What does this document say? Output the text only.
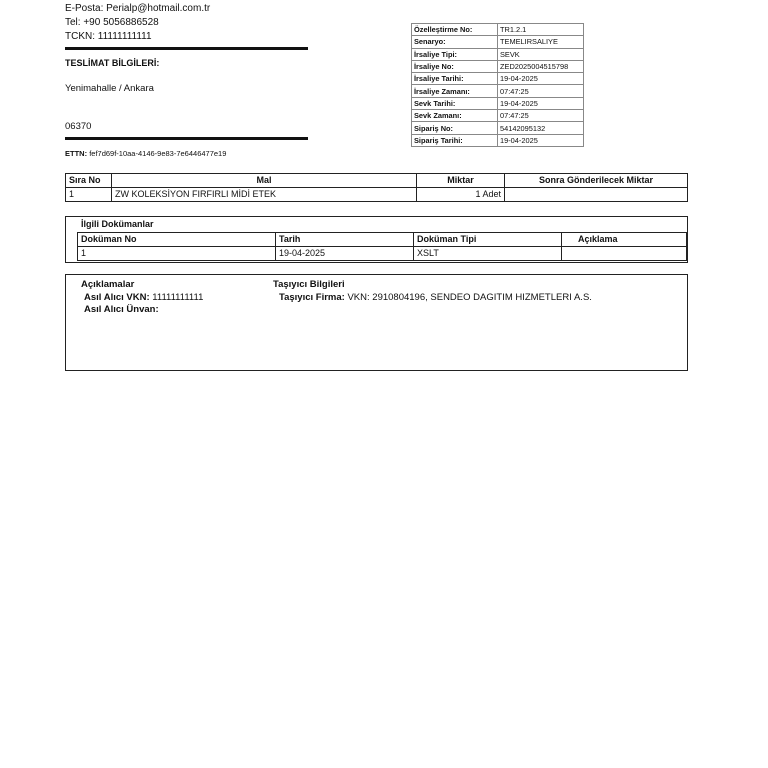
E-Posta: Perialp@hotmail.com.tr
Tel: +90 5056886528
TCKN: 11111111111
TESLİMAT BİLGİLERİ:
Yenimahalle / Ankara
06370
ETTN: fef7d69f-10aa-4146-9e83-7e6446477e19
Özelleştirme No:	TR1.2.1
Senaryo:	TEMELIRSALIYE
İrsaliye Tipi:	SEVK
İrsaliye No:	ZED2025004515798
İrsaliye Tarihi:	19-04-2025
İrsaliye Zamanı:	07:47:25
Sevk Tarihi:	19-04-2025
Sevk Zamanı:	07:47:25
Sipariş No:	54142095132
Sipariş Tarihi:	19-04-2025
Sıra No	Mal	Miktar	Sonra Gönderilecek Miktar
1	ZW KOLEKSİYON FIRFIRLI MİDİ ETEK	1 Adet	
İlgili Dokümanlar
Doküman No	Tarih	Doküman Tipi	Açıklama
1	19-04-2025	XSLT	
Açıklamalar
Asıl Alıcı VKN: 11111111111
Asıl Alıcı Ünvan:
Taşıyıcı Bilgileri
Taşıyıcı Firma: VKN: 2910804196, SENDEO DAGITIM HIZMETLERI A.S.
